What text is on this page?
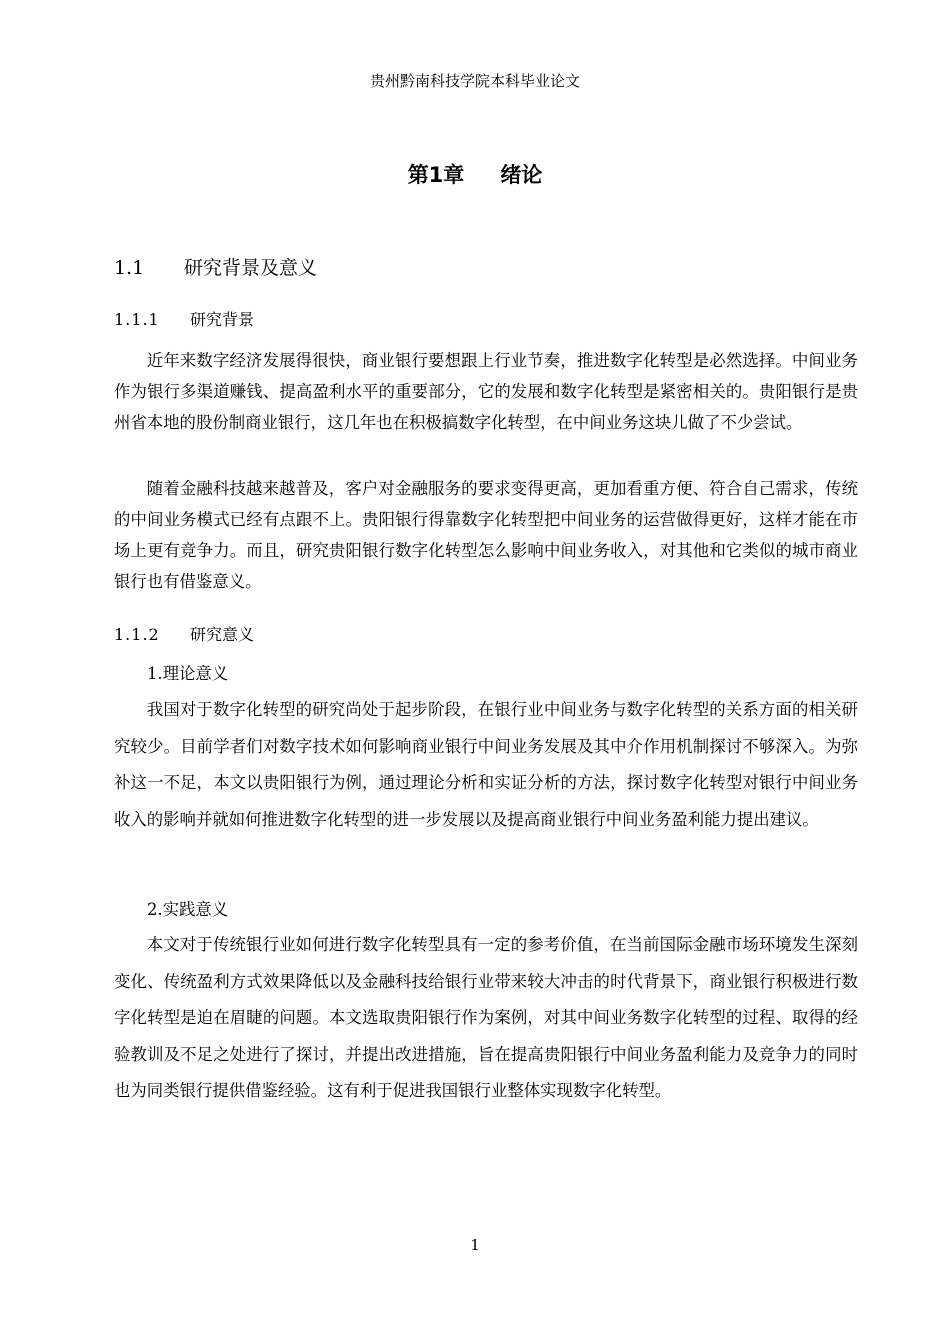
贵州黔南科技学院本科毕业论文
第1章 绪论
1.1 研究背景及意义
1.1.1 研究背景

近年来数字经济发展得很快，商业银行要想跟上行业节奏，推进数字化转型是必然选择。中间业务作为银行多渠道赚钱、提高盈利水平的重要部分，它的发展和数字化转型是紧密相关的。贵阳银行是贵州省本地的股份制商业银行，这几年也在积极搞数字化转型，在中间业务这块儿做了不少尝试。

随着金融科技越来越普及，客户对金融服务的要求变得更高，更加看重方便、符合自己需求，传统的中间业务模式已经有点跟不上。贵阳银行得靠数字化转型把中间业务的运营做得更好，这样才能在市场上更有竞争力。而且，研究贵阳银行数字化转型怎么影响中间业务收入，对其他和它类似的城市商业银行也有借鉴意义。

1.1.2 研究意义
1.理论意义

我国对于数字化转型的研究尚处于起步阶段，在银行业中间业务与数字化转型的关系方面的相关研究较少。目前学者们对数字技术如何影响商业银行中间业务发展及其中介作用机制探讨不够深入。为弥补这一不足，本文以贵阳银行为例，通过理论分析和实证分析的方法，探讨数字化转型对银行中间业务收入的影响并就如何推进数字化转型的进一步发展以及提高商业银行中间业务盈利能力提出建议。

2.实践意义

本文对于传统银行业如何进行数字化转型具有一定的参考价值，在当前国际金融市场环境发生深刻变化、传统盈利方式效果降低以及金融科技给银行业带来较大冲击的时代背景下，商业银行积极进行数字化转型是迫在眉睫的问题。本文选取贵阳银行作为案例，对其中间业务数字化转型的过程、取得的经验教训及不足之处进行了探讨，并提出改进措施，旨在提高贵阳银行中间业务盈利能力及竞争力的同时也为同类银行提供借鉴经验。这有利于促进我国银行业整体实现数字化转型。

1
